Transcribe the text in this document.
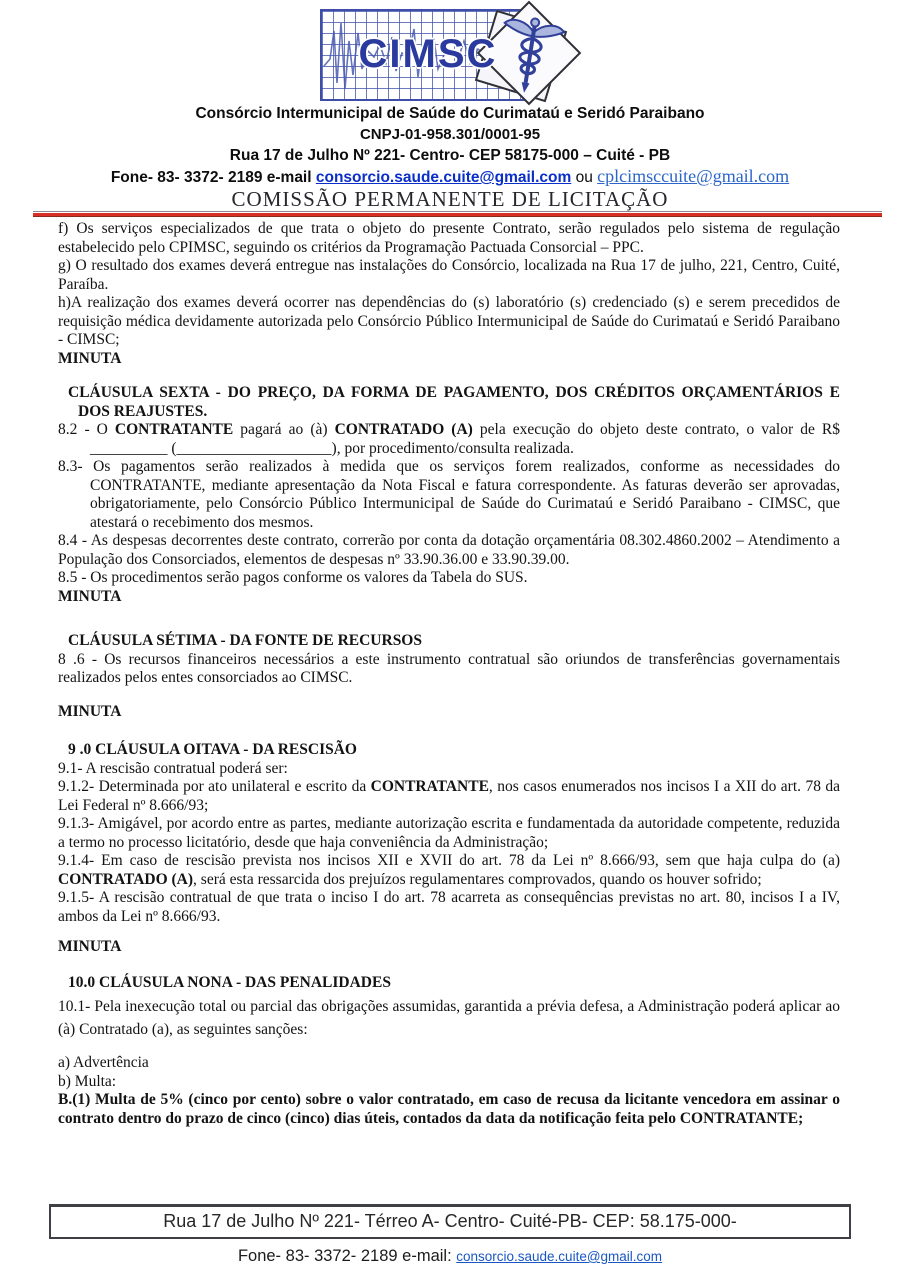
CIMSC
Consórcio Intermunicipal de Saúde do Curimataú e Seridó Paraibano
CNPJ-01-958.301/0001-95
Rua 17 de Julho Nº 221- Centro- CEP 58175-000 – Cuité - PB
Fone- 83- 3372- 2189 e-mail consorcio.saude.cuite@gmail.com ou cplcimsccuite@gmail.com
COMISSÃO PERMANENTE DE LICITAÇÃO

f) Os serviços especializados de que trata o objeto do presente Contrato, serão regulados pelo sistema de regulação estabelecido pelo CPIMSC, seguindo os critérios da Programação Pactuada Consorcial – PPC.

g) O resultado dos exames deverá entregue nas instalações do Consórcio, localizada na Rua 17 de julho, 221, Centro, Cuité, Paraíba.

h)A realização dos exames deverá ocorrer nas dependências do (s) laboratório (s) credenciado (s) e serem precedidos de requisição médica devidamente autorizada pelo Consórcio Público Intermunicipal de Saúde do Curimataú e Seridó Paraibano - CIMSC;

MINUTA

CLÁUSULA SEXTA - DO PREÇO, DA FORMA DE PAGAMENTO, DOS CRÉDITOS ORÇAMENTÁRIOS E DOS REAJUSTES.

8.2 - O CONTRATANTE pagará ao (à) CONTRATADO (A) pela execução do objeto deste contrato, o valor de R$ __________ (____________________), por procedimento/consulta realizada.

8.3- Os pagamentos serão realizados à medida que os serviços forem realizados, conforme as necessidades do CONTRATANTE, mediante apresentação da Nota Fiscal e fatura correspondente. As faturas deverão ser aprovadas, obrigatoriamente, pelo Consórcio Público Intermunicipal de Saúde do Curimataú e Seridó Paraibano - CIMSC, que atestará o recebimento dos mesmos.

8.4 - As despesas decorrentes deste contrato, correrão por conta da dotação orçamentária 08.302.4860.2002 – Atendimento a População dos Consorciados, elementos de despesas nº 33.90.36.00 e 33.90.39.00.

8.5 - Os procedimentos serão pagos conforme os valores da Tabela do SUS.

MINUTA

CLÁUSULA SÉTIMA - DA FONTE DE RECURSOS

8 .6 - Os recursos financeiros necessários a este instrumento contratual são oriundos de transferências governamentais realizados pelos entes consorciados ao CIMSC.

MINUTA

9 .0 CLÁUSULA OITAVA - DA RESCISÃO

9.1- A rescisão contratual poderá ser:

9.1.2- Determinada por ato unilateral e escrito da CONTRATANTE, nos casos enumerados nos incisos I a XII do art. 78 da Lei Federal nº 8.666/93;

9.1.3- Amigável, por acordo entre as partes, mediante autorização escrita e fundamentada da autoridade competente, reduzida a termo no processo licitatório, desde que haja conveniência da Administração;

9.1.4- Em caso de rescisão prevista nos incisos XII e XVII do art. 78 da Lei nº 8.666/93, sem que haja culpa do (a) CONTRATADO (A), será esta ressarcida dos prejuízos regulamentares comprovados, quando os houver sofrido;

9.1.5- A rescisão contratual de que trata o inciso I do art. 78 acarreta as consequências previstas no art. 80, incisos I a IV, ambos da Lei nº 8.666/93.

MINUTA

10.0 CLÁUSULA NONA - DAS PENALIDADES

10.1- Pela inexecução total ou parcial das obrigações assumidas, garantida a prévia defesa, a Administração poderá aplicar ao (à) Contratado (a), as seguintes sanções:

a) Advertência

b) Multa:

B.(1) Multa de 5% (cinco por cento) sobre o valor contratado, em caso de recusa da licitante vencedora em assinar o contrato dentro do prazo de cinco (cinco) dias úteis, contados da data da notificação feita pelo CONTRATANTE;

Rua 17 de Julho Nº 221- Térreo A- Centro- Cuité-PB- CEP: 58.175-000-
Fone- 83- 3372- 2189 e-mail: consorcio.saude.cuite@gmail.com
